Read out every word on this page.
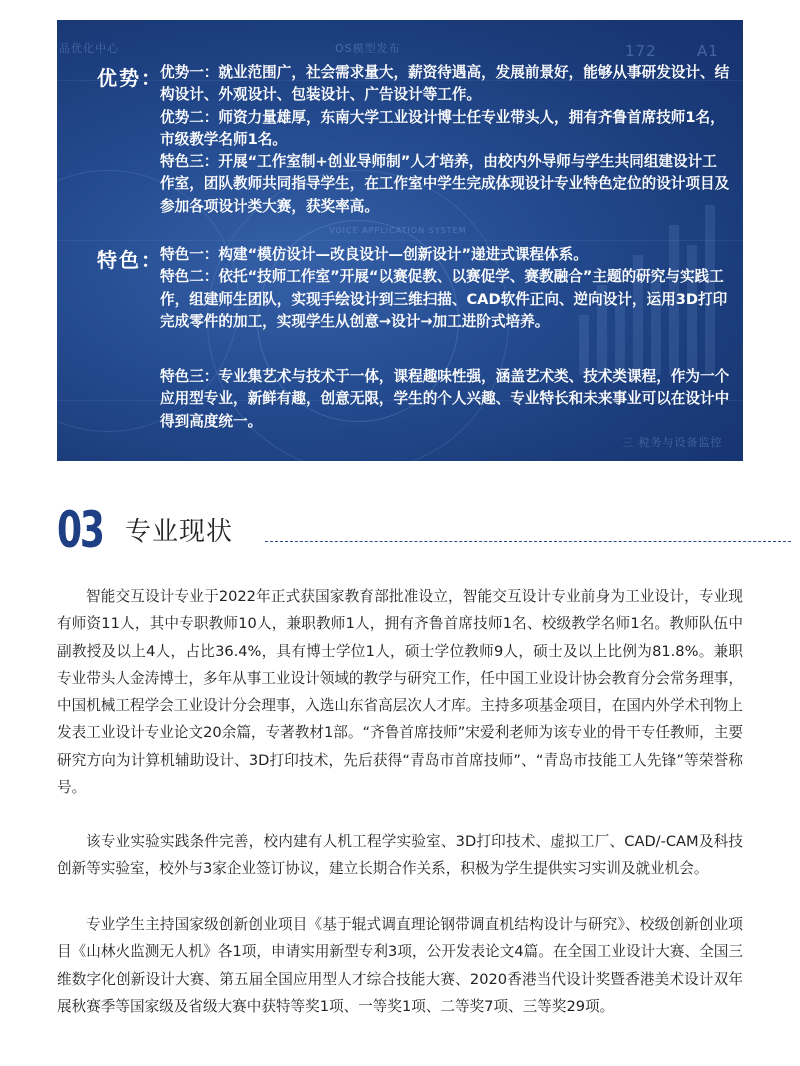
品优化中心	OS模型发布	172	A1
VOICE APPLICATION SYSTEM
三 税务与设备监控
优势：

优势一：就业范围广，社会需求量大，薪资待遇高，发展前景好，能够从事研发设计、结构设计、外观设计、包装设计、广告设计等工作。

优势二：师资力量雄厚，东南大学工业设计博士任专业带头人，拥有齐鲁首席技师1名，市级教学名师1名。

特色三：开展“工作室制+创业导师制”人才培养，由校内外导师与学生共同组建设计工作室，团队教师共同指导学生，在工作室中学生完成体现设计专业特色定位的设计项目及参加各项设计类大赛，获奖率高。

特色：

特色一：构建“模仿设计—改良设计—创新设计”递进式课程体系。

特色二：依托“技师工作室”开展“以赛促教、以赛促学、赛教融合”主题的研究与实践工作，组建师生团队，实现手绘设计到三维扫描、CAD软件正向、逆向设计，运用3D打印完成零件的加工，实现学生从创意→设计→加工进阶式培养。

特色三：专业集艺术与技术于一体，课程趣味性强，涵盖艺术类、技术类课程，作为一个应用型专业，新鲜有趣，创意无限，学生的个人兴趣、专业特长和未来事业可以在设计中得到高度统一。

03 专业现状

智能交互设计专业于2022年正式获国家教育部批准设立，智能交互设计专业前身为工业设计，专业现有师资11人，其中专职教师10人，兼职教师1人，拥有齐鲁首席技师1名、校级教学名师1名。教师队伍中副教授及以上4人，占比36.4%，具有博士学位1人，硕士学位教师9人，硕士及以上比例为81.8%。兼职专业带头人金涛博士，多年从事工业设计领域的教学与研究工作，任中国工业设计协会教育分会常务理事，中国机械工程学会工业设计分会理事，入选山东省高层次人才库。主持多项基金项目，在国内外学术刊物上发表工业设计专业论文20余篇，专著教材1部。“齐鲁首席技师”宋爱利老师为该专业的骨干专任教师，主要研究方向为计算机辅助设计、3D打印技术，先后获得“青岛市首席技师”、“青岛市技能工人先锋”等荣誉称号。

该专业实验实践条件完善，校内建有人机工程学实验室、3D打印技术、虚拟工厂、CAD/-CAM及科技创新等实验室，校外与3家企业签订协议，建立长期合作关系，积极为学生提供实习实训及就业机会。

专业学生主持国家级创新创业项目《基于辊式调直理论钢带调直机结构设计与研究》、校级创新创业项目《山林火监测无人机》各1项，申请实用新型专利3项，公开发表论文4篇。在全国工业设计大赛、全国三维数字化创新设计大赛、第五届全国应用型人才综合技能大赛、2020香港当代设计奖暨香港美术设计双年展秋赛季等国家级及省级大赛中获特等奖1项、一等奖1项、二等奖7项、三等奖29项。
